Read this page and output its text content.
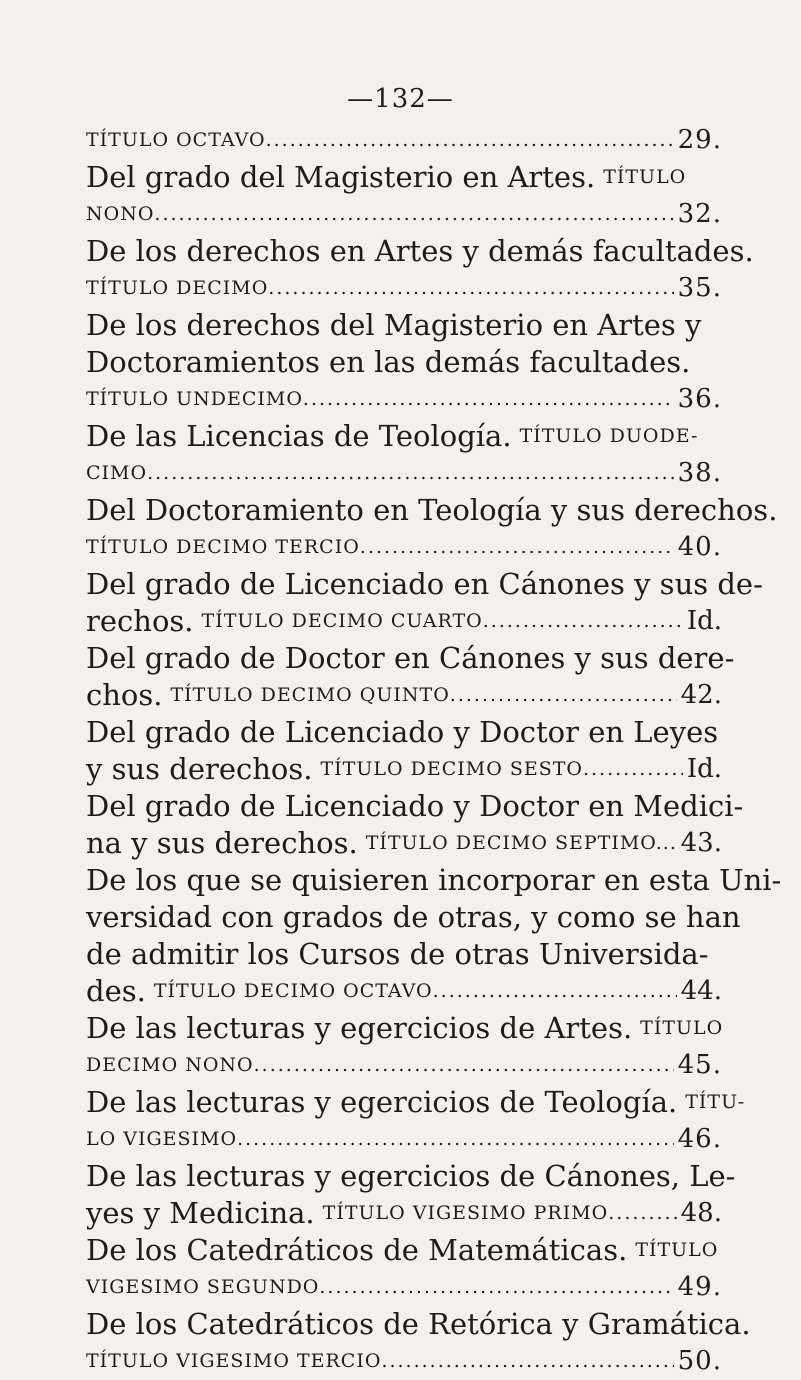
—132—
TÍTULO OCTAVO .....	29.
Del grado del Magisterio en Artes. TÍTULO
NONO .....	32.
De los derechos en Artes y demás facultades.
TÍTULO DECIMO .....	35.
De los derechos del Magisterio en Artes y
Doctoramientos en las demás facultades.
TÍTULO UNDECIMO .....	36.
De las Licencias de Teología. TÍTULO DUODE-
CIMO .....	38.
Del Doctoramiento en Teología y sus derechos.
TÍTULO DECIMO TERCIO .....	40.
Del grado de Licenciado en Cánones y sus de-
rechos. TÍTULO DECIMO CUARTO .....	Id.
Del grado de Doctor en Cánones y sus dere-
chos. TÍTULO DECIMO QUINTO .....	42.
Del grado de Licenciado y Doctor en Leyes
y sus derechos. TÍTULO DECIMO SESTO .....	Id.
Del grado de Licenciado y Doctor en Medici-
na y sus derechos. TÍTULO DECIMO SEPTIMO.. ..... 43.
De los que se quisieren incorporar en esta Uni-
versidad con grados de otras, y como se han
de admitir los Cursos de otras Universida-
des. TÍTULO DECIMO OCTAVO .....	44.
De las lecturas y egercicios de Artes. TÍTULO
DECIMO NONO .....	45.
De las lecturas y egercicios de Teología. TÍTU-
LO VIGESIMO .....	46.
De las lecturas y egercicios de Cánones, Le-
yes y Medicina. TÍTULO VIGESIMO PRIMO .....	48.
De los Catedráticos de Matemáticas. TÍTULO
VIGESIMO SEGUNDO .....	49.
De los Catedráticos de Retórica y Gramática.
TÍTULO VIGESIMO TERCIO .....	50.
